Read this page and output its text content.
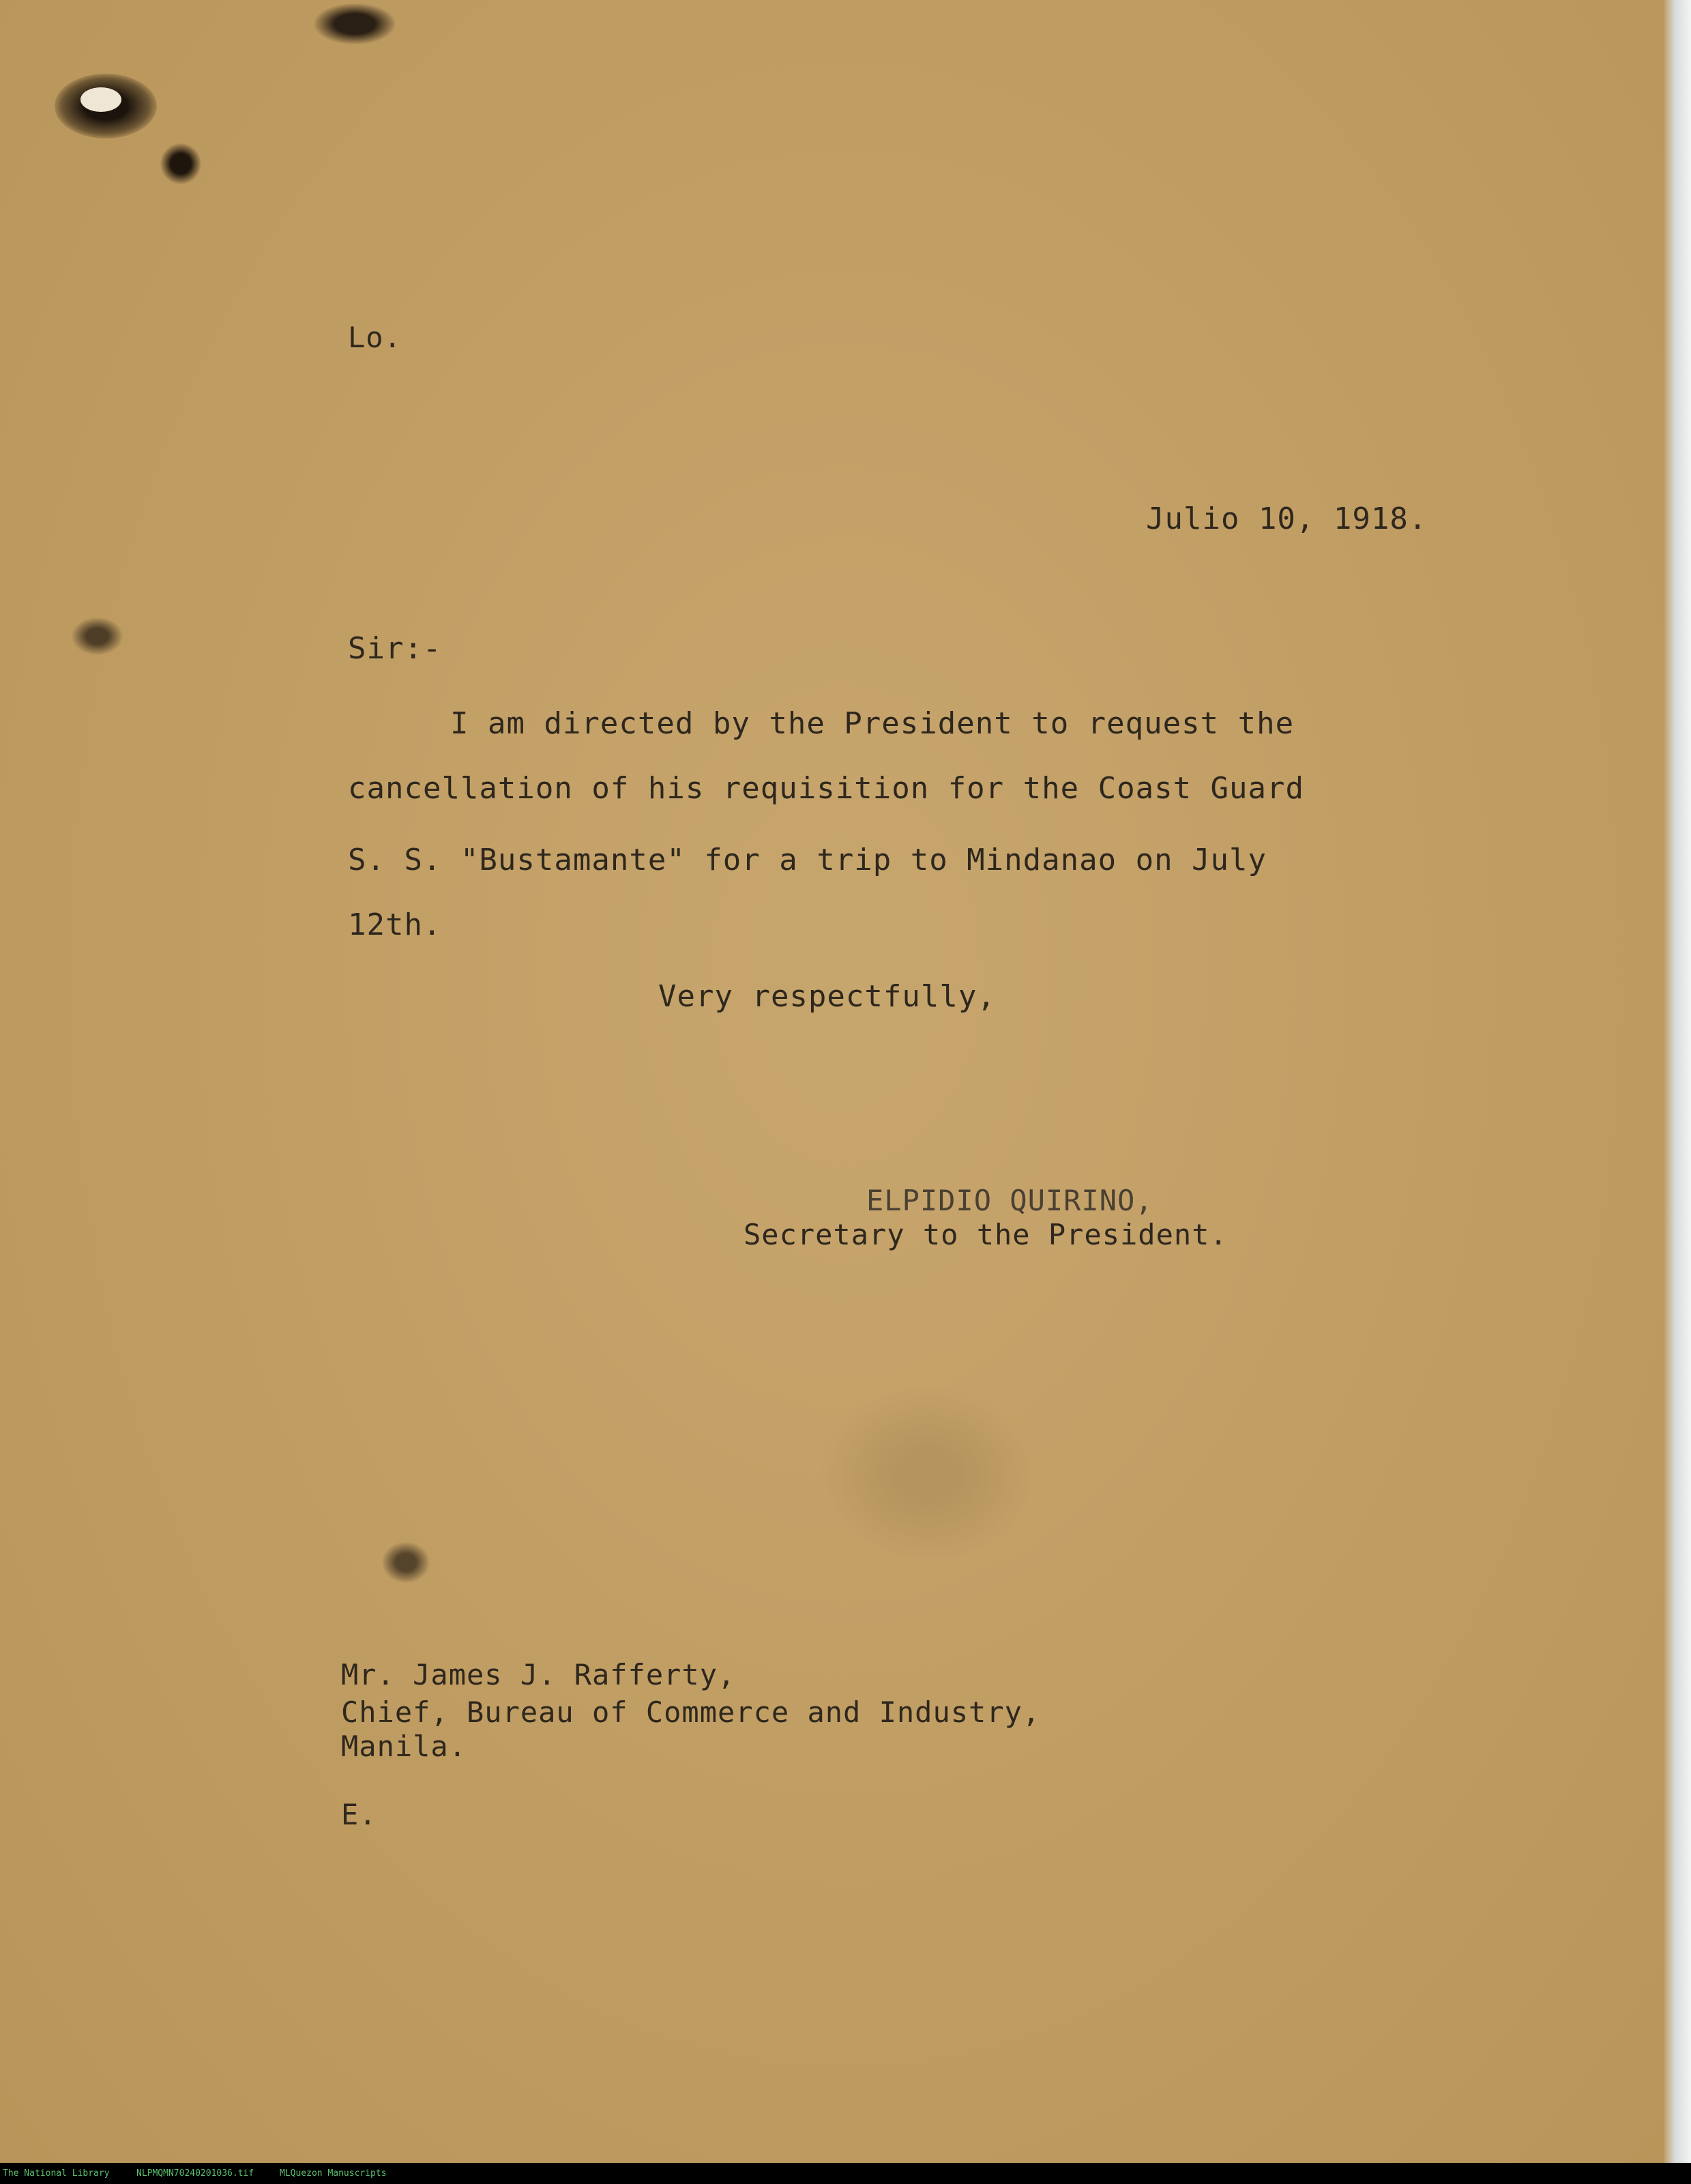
Lo.

Julio 10, 1918.

Sir:-

I am directed by the President to request the

cancellation of his requisition for the Coast Guard

S. S. "Bustamante" for a trip to Mindanao on July

12th.

Very respectfully,

ELPIDIO QUIRINO,

Secretary to the President.

Mr. James J. Rafferty,

Chief, Bureau of Commerce and Industry,

Manila.

E.

The National Library	NLPMQMN70240201036.tif	MLQuezon Manuscripts
